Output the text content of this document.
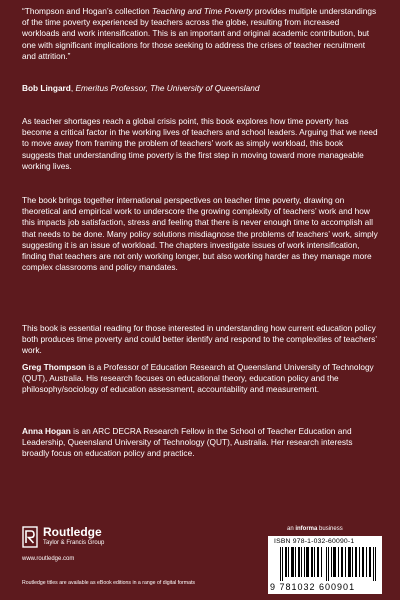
“Thompson and Hogan’s collection Teaching and Time Poverty provides multiple understandings of the time poverty experienced by teachers across the globe, resulting from increased workloads and work intensification. This is an important and original academic contribution, but one with significant implications for those seeking to address the crises of teacher recruitment and attrition.”

Bob Lingard, Emeritus Professor, The University of Queensland

As teacher shortages reach a global crisis point, this book explores how time poverty has become a critical factor in the working lives of teachers and school leaders. Arguing that we need to move away from framing the problem of teachers’ work as simply workload, this book suggests that understanding time poverty is the first step in moving toward more manageable working lives.

The book brings together international perspectives on teacher time poverty, drawing on theoretical and empirical work to underscore the growing complexity of teachers’ work and how this impacts job satisfaction, stress and feeling that there is never enough time to accomplish all that needs to be done. Many policy solutions misdiagnose the problems of teachers’ work, simply suggesting it is an issue of workload. The chapters investigate issues of work intensification, finding that teachers are not only working longer, but also working harder as they manage more complex classrooms and policy mandates.

This book is essential reading for those interested in understanding how current education policy both produces time poverty and could better identify and respond to the complexities of teachers’ work.

Greg Thompson is a Professor of Education Research at Queensland University of Technology (QUT), Australia. His research focuses on educational theory, education policy and the philosophy/sociology of education assessment, accountability and measurement.

Anna Hogan is an ARC DECRA Research Fellow in the School of Teacher Education and Leadership, Queensland University of Technology (QUT), Australia. Her research interests broadly focus on education policy and practice.

Routledge
Taylor & Francis Group
www.routledge.com
Routledge titles are available as eBook editions in a range of digital formats
an informa business
ISBN 978-1-032-60090-1
9 781032 600901
